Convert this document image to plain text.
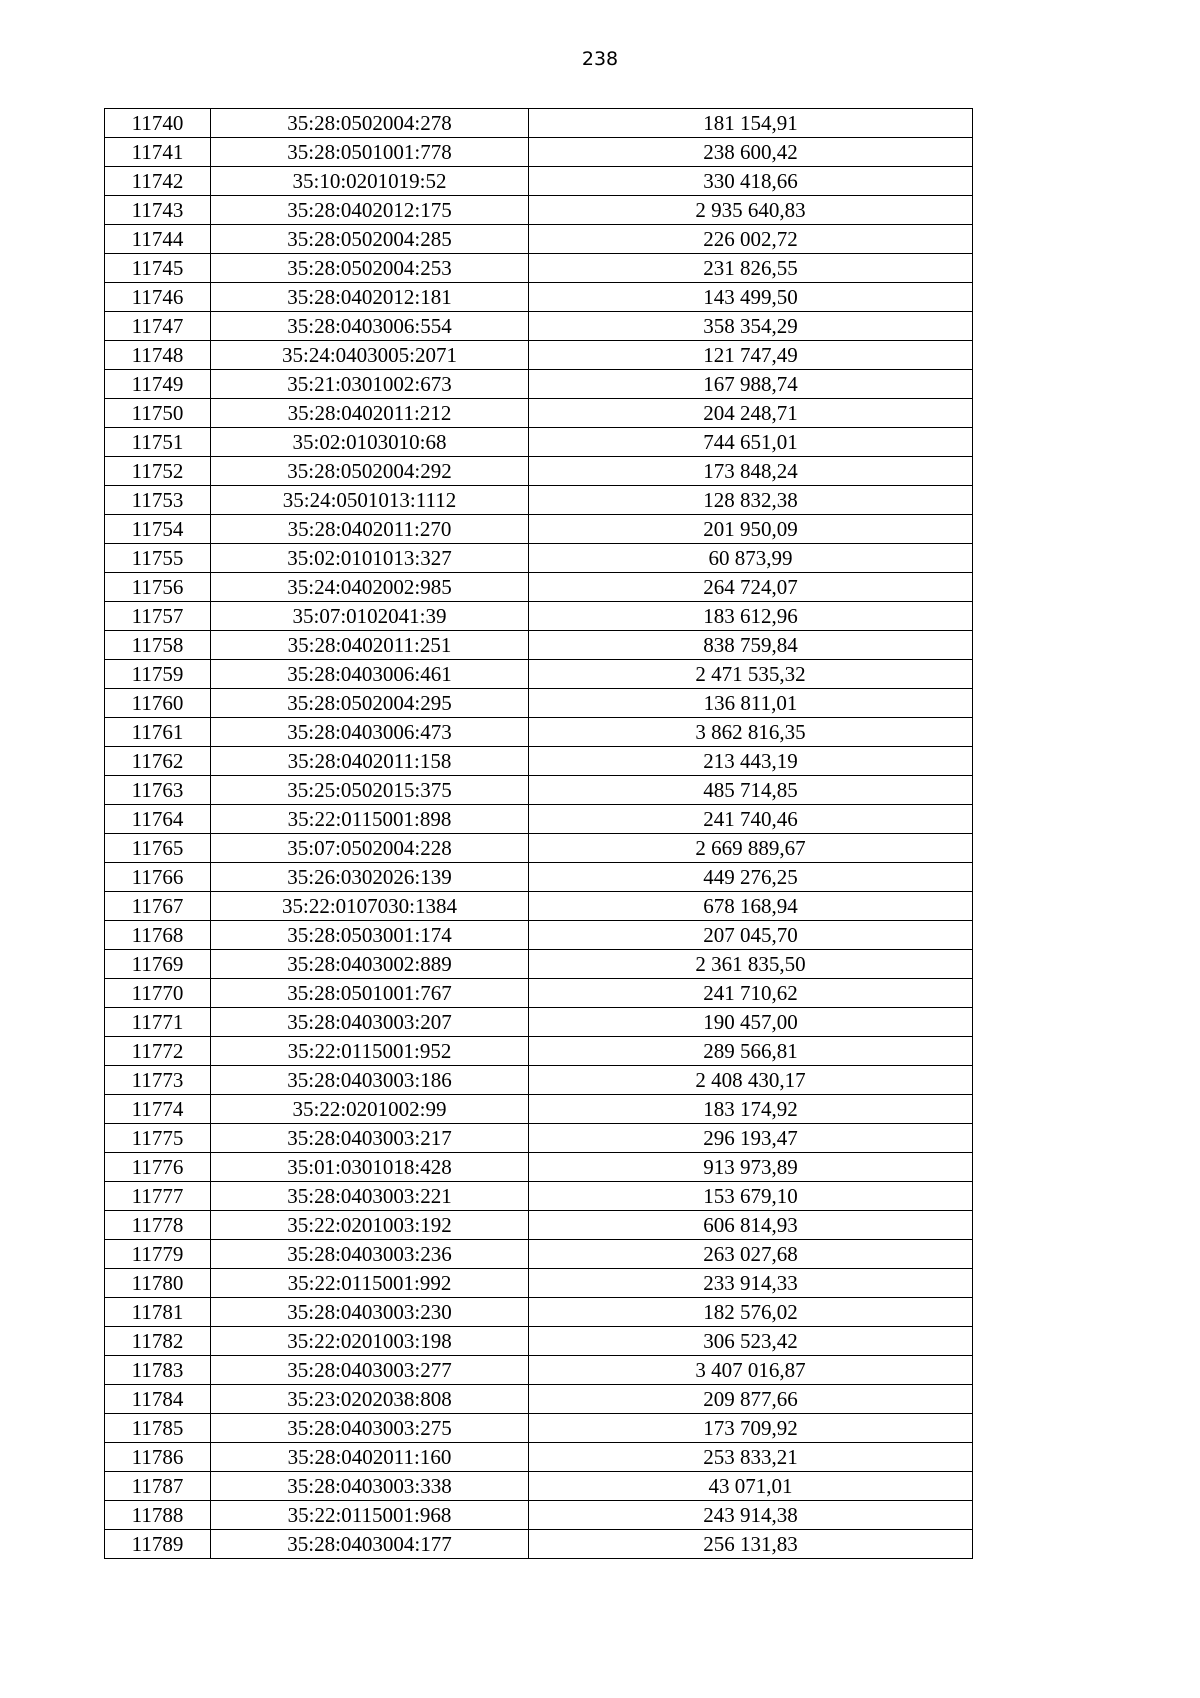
238
11740	35:28:0502004:278	181 154,91
11741	35:28:0501001:778	238 600,42
11742	35:10:0201019:52	330 418,66
11743	35:28:0402012:175	2 935 640,83
11744	35:28:0502004:285	226 002,72
11745	35:28:0502004:253	231 826,55
11746	35:28:0402012:181	143 499,50
11747	35:28:0403006:554	358 354,29
11748	35:24:0403005:2071	121 747,49
11749	35:21:0301002:673	167 988,74
11750	35:28:0402011:212	204 248,71
11751	35:02:0103010:68	744 651,01
11752	35:28:0502004:292	173 848,24
11753	35:24:0501013:1112	128 832,38
11754	35:28:0402011:270	201 950,09
11755	35:02:0101013:327	60 873,99
11756	35:24:0402002:985	264 724,07
11757	35:07:0102041:39	183 612,96
11758	35:28:0402011:251	838 759,84
11759	35:28:0403006:461	2 471 535,32
11760	35:28:0502004:295	136 811,01
11761	35:28:0403006:473	3 862 816,35
11762	35:28:0402011:158	213 443,19
11763	35:25:0502015:375	485 714,85
11764	35:22:0115001:898	241 740,46
11765	35:07:0502004:228	2 669 889,67
11766	35:26:0302026:139	449 276,25
11767	35:22:0107030:1384	678 168,94
11768	35:28:0503001:174	207 045,70
11769	35:28:0403002:889	2 361 835,50
11770	35:28:0501001:767	241 710,62
11771	35:28:0403003:207	190 457,00
11772	35:22:0115001:952	289 566,81
11773	35:28:0403003:186	2 408 430,17
11774	35:22:0201002:99	183 174,92
11775	35:28:0403003:217	296 193,47
11776	35:01:0301018:428	913 973,89
11777	35:28:0403003:221	153 679,10
11778	35:22:0201003:192	606 814,93
11779	35:28:0403003:236	263 027,68
11780	35:22:0115001:992	233 914,33
11781	35:28:0403003:230	182 576,02
11782	35:22:0201003:198	306 523,42
11783	35:28:0403003:277	3 407 016,87
11784	35:23:0202038:808	209 877,66
11785	35:28:0403003:275	173 709,92
11786	35:28:0402011:160	253 833,21
11787	35:28:0403003:338	43 071,01
11788	35:22:0115001:968	243 914,38
11789	35:28:0403004:177	256 131,83
